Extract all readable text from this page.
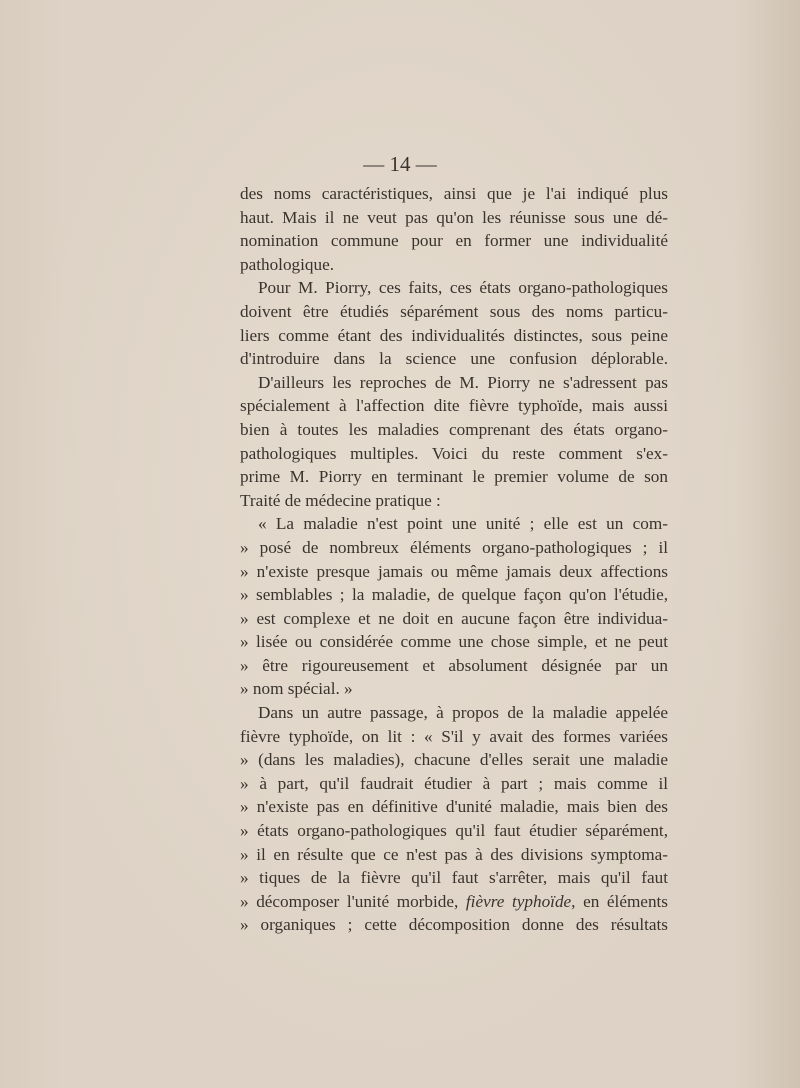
— 14 —
des noms caractéristiques, ainsi que je l'ai indiqué plus
haut. Mais il ne veut pas qu'on les réunisse sous une dé-
nomination commune pour en former une individualité
pathologique.
Pour M. Piorry, ces faits, ces états organo-pathologiques
doivent être étudiés séparément sous des noms particu-
liers comme étant des individualités distinctes, sous peine
d'introduire dans la science une confusion déplorable.
D'ailleurs les reproches de M. Piorry ne s'adressent pas
spécialement à l'affection dite fièvre typhoïde, mais aussi
bien à toutes les maladies comprenant des états organo-
pathologiques multiples. Voici du reste comment s'ex-
prime M. Piorry en terminant le premier volume de son
Traité de médecine pratique :
« La maladie n'est point une unité ; elle est un com-
» posé de nombreux éléments organo-pathologiques ; il
» n'existe presque jamais ou même jamais deux affections
» semblables ; la maladie, de quelque façon qu'on l'étudie,
» est complexe et ne doit en aucune façon être individua-
» lisée ou considérée comme une chose simple, et ne peut
» être rigoureusement et absolument désignée par un
» nom spécial. »
Dans un autre passage, à propos de la maladie appelée
fièvre typhoïde, on lit : « S'il y avait des formes variées
» (dans les maladies), chacune d'elles serait une maladie
» à part, qu'il faudrait étudier à part ; mais comme il
» n'existe pas en définitive d'unité maladie, mais bien des
» états organo-pathologiques qu'il faut étudier séparément,
» il en résulte que ce n'est pas à des divisions symptoma-
» tiques de la fièvre qu'il faut s'arrêter, mais qu'il faut
» décomposer l'unité morbide, fièvre typhoïde, en éléments
» organiques ; cette décomposition donne des résultats
